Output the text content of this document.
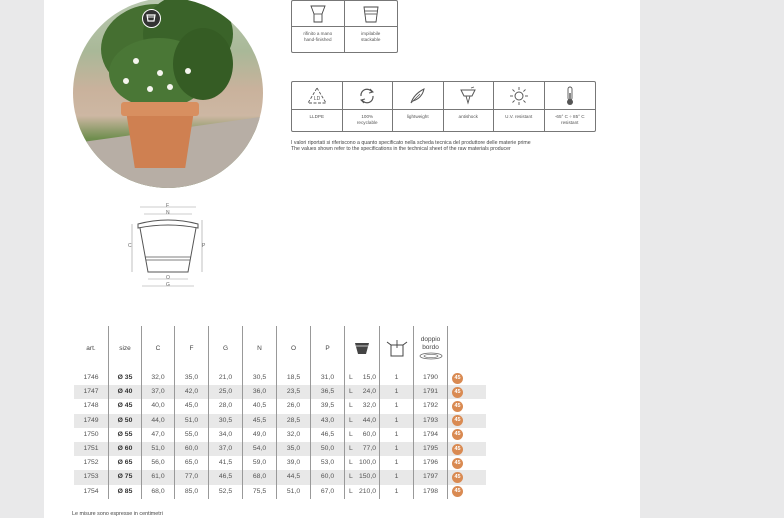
F
N
C	P
O
G
rifinito a mano
hand-finished
impilabile
stackable
LD
LLDPE	100%
recyclable
lightweight	antishock	U.V. resistant	-65° C ÷ 85° C
resistant
I valori riportati si riferiscono a quanto specificato nella scheda tecnica del produttore delle materie prime
The values shown refer to the specifications in the technical sheet of the raw materials producer
art.	size	C	F	G	N	O	P
doppio
bordo
1746	Ø 35	32,0	35,0	21,0	30,5	18,5	31,0	L 15,0	1	1790	45
1747	Ø 40	37,0	42,0	25,0	36,0	23,5	36,5	L 24,0	1	1791	45
1748	Ø 45	40,0	45,0	28,0	40,5	26,0	39,5	L 32,0	1	1792	45
1749	Ø 50	44,0	51,0	30,5	45,5	28,5	43,0	L 44,0	1	1793	45
1750	Ø 55	47,0	55,0	34,0	49,0	32,0	46,5	L 60,0	1	1794	45
1751	Ø 60	51,0	60,0	37,0	54,0	35,0	50,0	L 77,0	1	1795	45
1752	Ø 65	56,0	65,0	41,5	59,0	39,0	53,0	L 100,0	1	1796	45
1753	Ø 75	61,0	77,0	46,5	68,0	44,5	60,0	L 150,0	1	1797	45
1754	Ø 85	68,0	85,0	52,5	75,5	51,0	67,0	L 210,0	1	1798	45
Le misure sono espresse in centimetri
